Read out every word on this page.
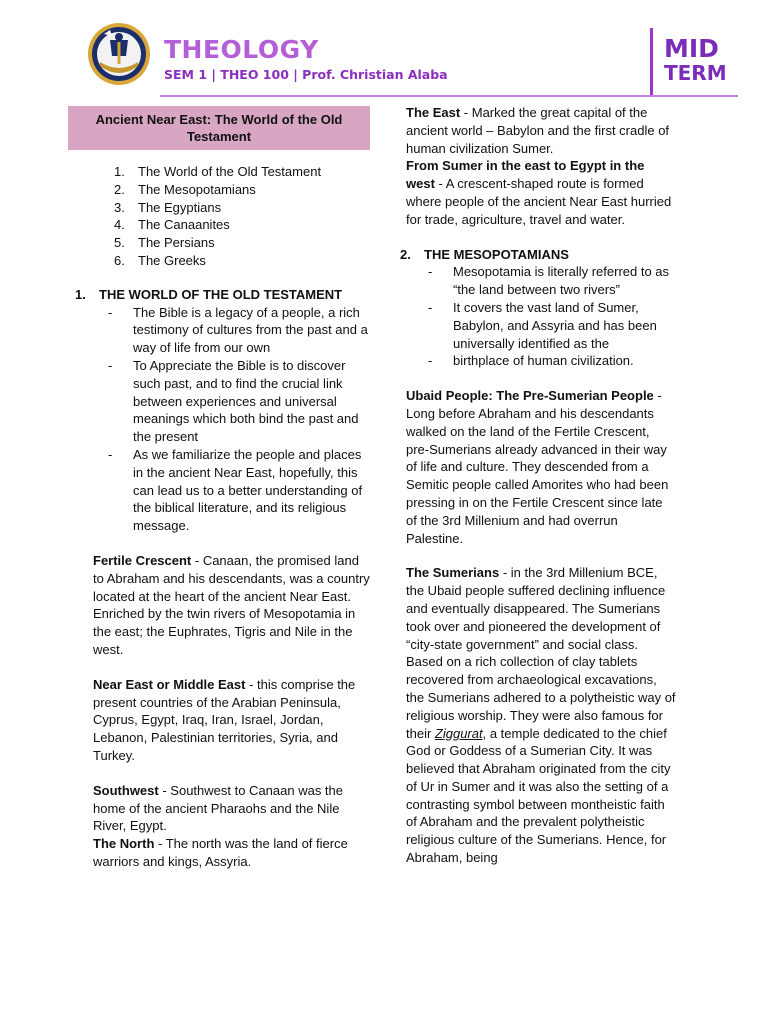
THEOLOGY
SEM 1 | THEO 100 | Prof. Christian Alaba
MID
TERM
Ancient Near East: The World of the Old Testament
1.	The World of the Old Testament
2.	The Mesopotamians
3.	The Egyptians
4.	The Canaanites
5.	The Persians
6.	The Greeks
1.	THE WORLD OF THE OLD TESTAMENT
-	The Bible is a legacy of a people, a rich testimony of cultures from the past and a way of life from our own
-	To Appreciate the Bible is to discover such past, and to find the crucial link between experiences and universal meanings which both bind the past and the present
-	As we familiarize the people and places in the ancient Near East, hopefully, this can lead us to a better understanding of the biblical literature, and its religious message.

Fertile Crescent - Canaan, the promised land to Abraham and his descendants, was a country located at the heart of the ancient Near East. Enriched by the twin rivers of Mesopotamia in the east; the Euphrates, Tigris and Nile in the west.

Near East or Middle East - this comprise the present countries of the Arabian Peninsula, Cyprus, Egypt, Iraq, Iran, Israel, Jordan, Lebanon, Palestinian territories, Syria, and Turkey.

Southwest - Southwest to Canaan was the home of the ancient Pharaohs and the Nile River, Egypt.

The North - The north was the land of fierce warriors and kings, Assyria.

The East - Marked the great capital of the ancient world – Babylon and the first cradle of human civilization Sumer.

From Sumer in the east to Egypt in the west - A crescent-shaped route is formed where people of the ancient Near East hurried for trade, agriculture, travel and water.

2.	THE MESOPOTAMIANS
-	Mesopotamia is literally referred to as “the land between two rivers”
-	It covers the vast land of Sumer, Babylon, and Assyria and has been universally identified as the
-	birthplace of human civilization.

Ubaid People: The Pre-Sumerian People - Long before Abraham and his descendants walked on the land of the Fertile Crescent, pre-Sumerians already advanced in their way of life and culture. They descended from a Semitic people called Amorites who had been pressing in on the Fertile Crescent since late of the 3rd Millenium and had overrun Palestine.

The Sumerians - in the 3rd Millenium BCE, the Ubaid people suffered declining influence and eventually disappeared. The Sumerians took over and pioneered the development of “city-state government” and social class. Based on a rich collection of clay tablets recovered from archaeological excavations, the Sumerians adhered to a polytheistic way of religious worship. They were also famous for their Ziggurat, a temple dedicated to the chief God or Goddess of a Sumerian City. It was believed that Abraham originated from the city of Ur in Sumer and it was also the setting of a contrasting symbol between montheistic faith of Abraham and the prevalent polytheistic religious culture of the Sumerians. Hence, for Abraham, being
